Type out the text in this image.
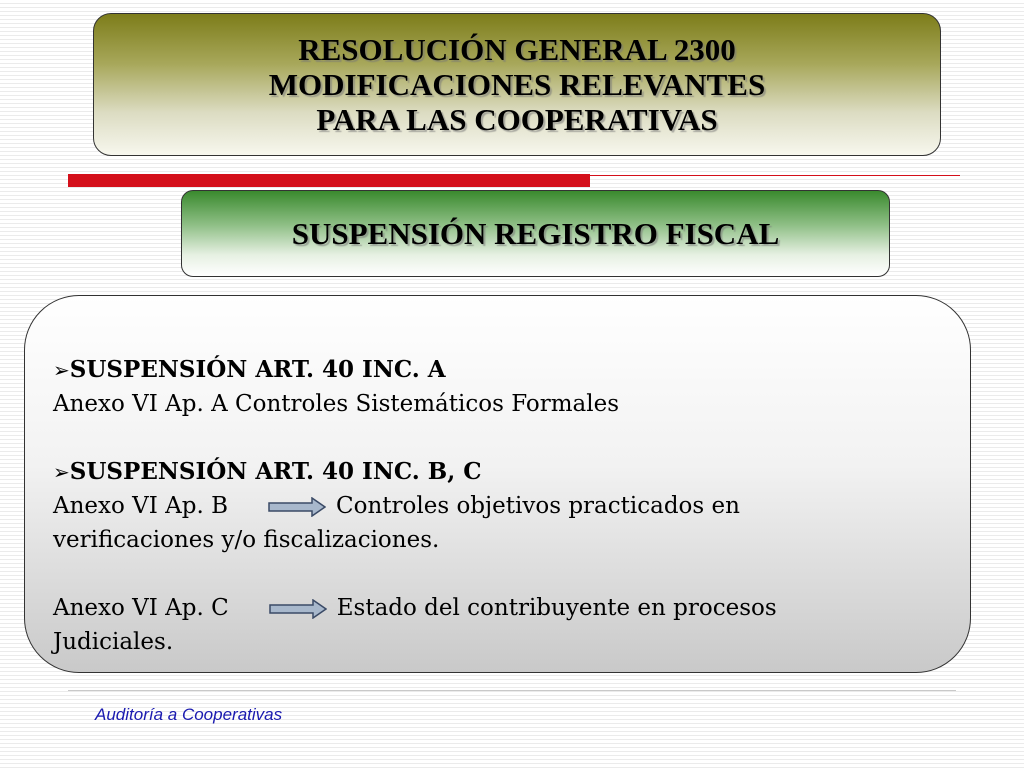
RESOLUCIÓN GENERAL 2300
MODIFICACIONES RELEVANTES
PARA LAS COOPERATIVAS
SUSPENSIÓN REGISTRO FISCAL
➢SUSPENSIÓN ART. 40 INC. A
Anexo VI Ap. A Controles Sistemáticos Formales
➢SUSPENSIÓN ART. 40 INC. B, C
Anexo VI Ap. B	Controles objetivos practicados en
verificaciones y/o fiscalizaciones.
Anexo VI Ap. C	Estado del contribuyente en procesos
Judiciales.
Auditoría a Cooperativas
